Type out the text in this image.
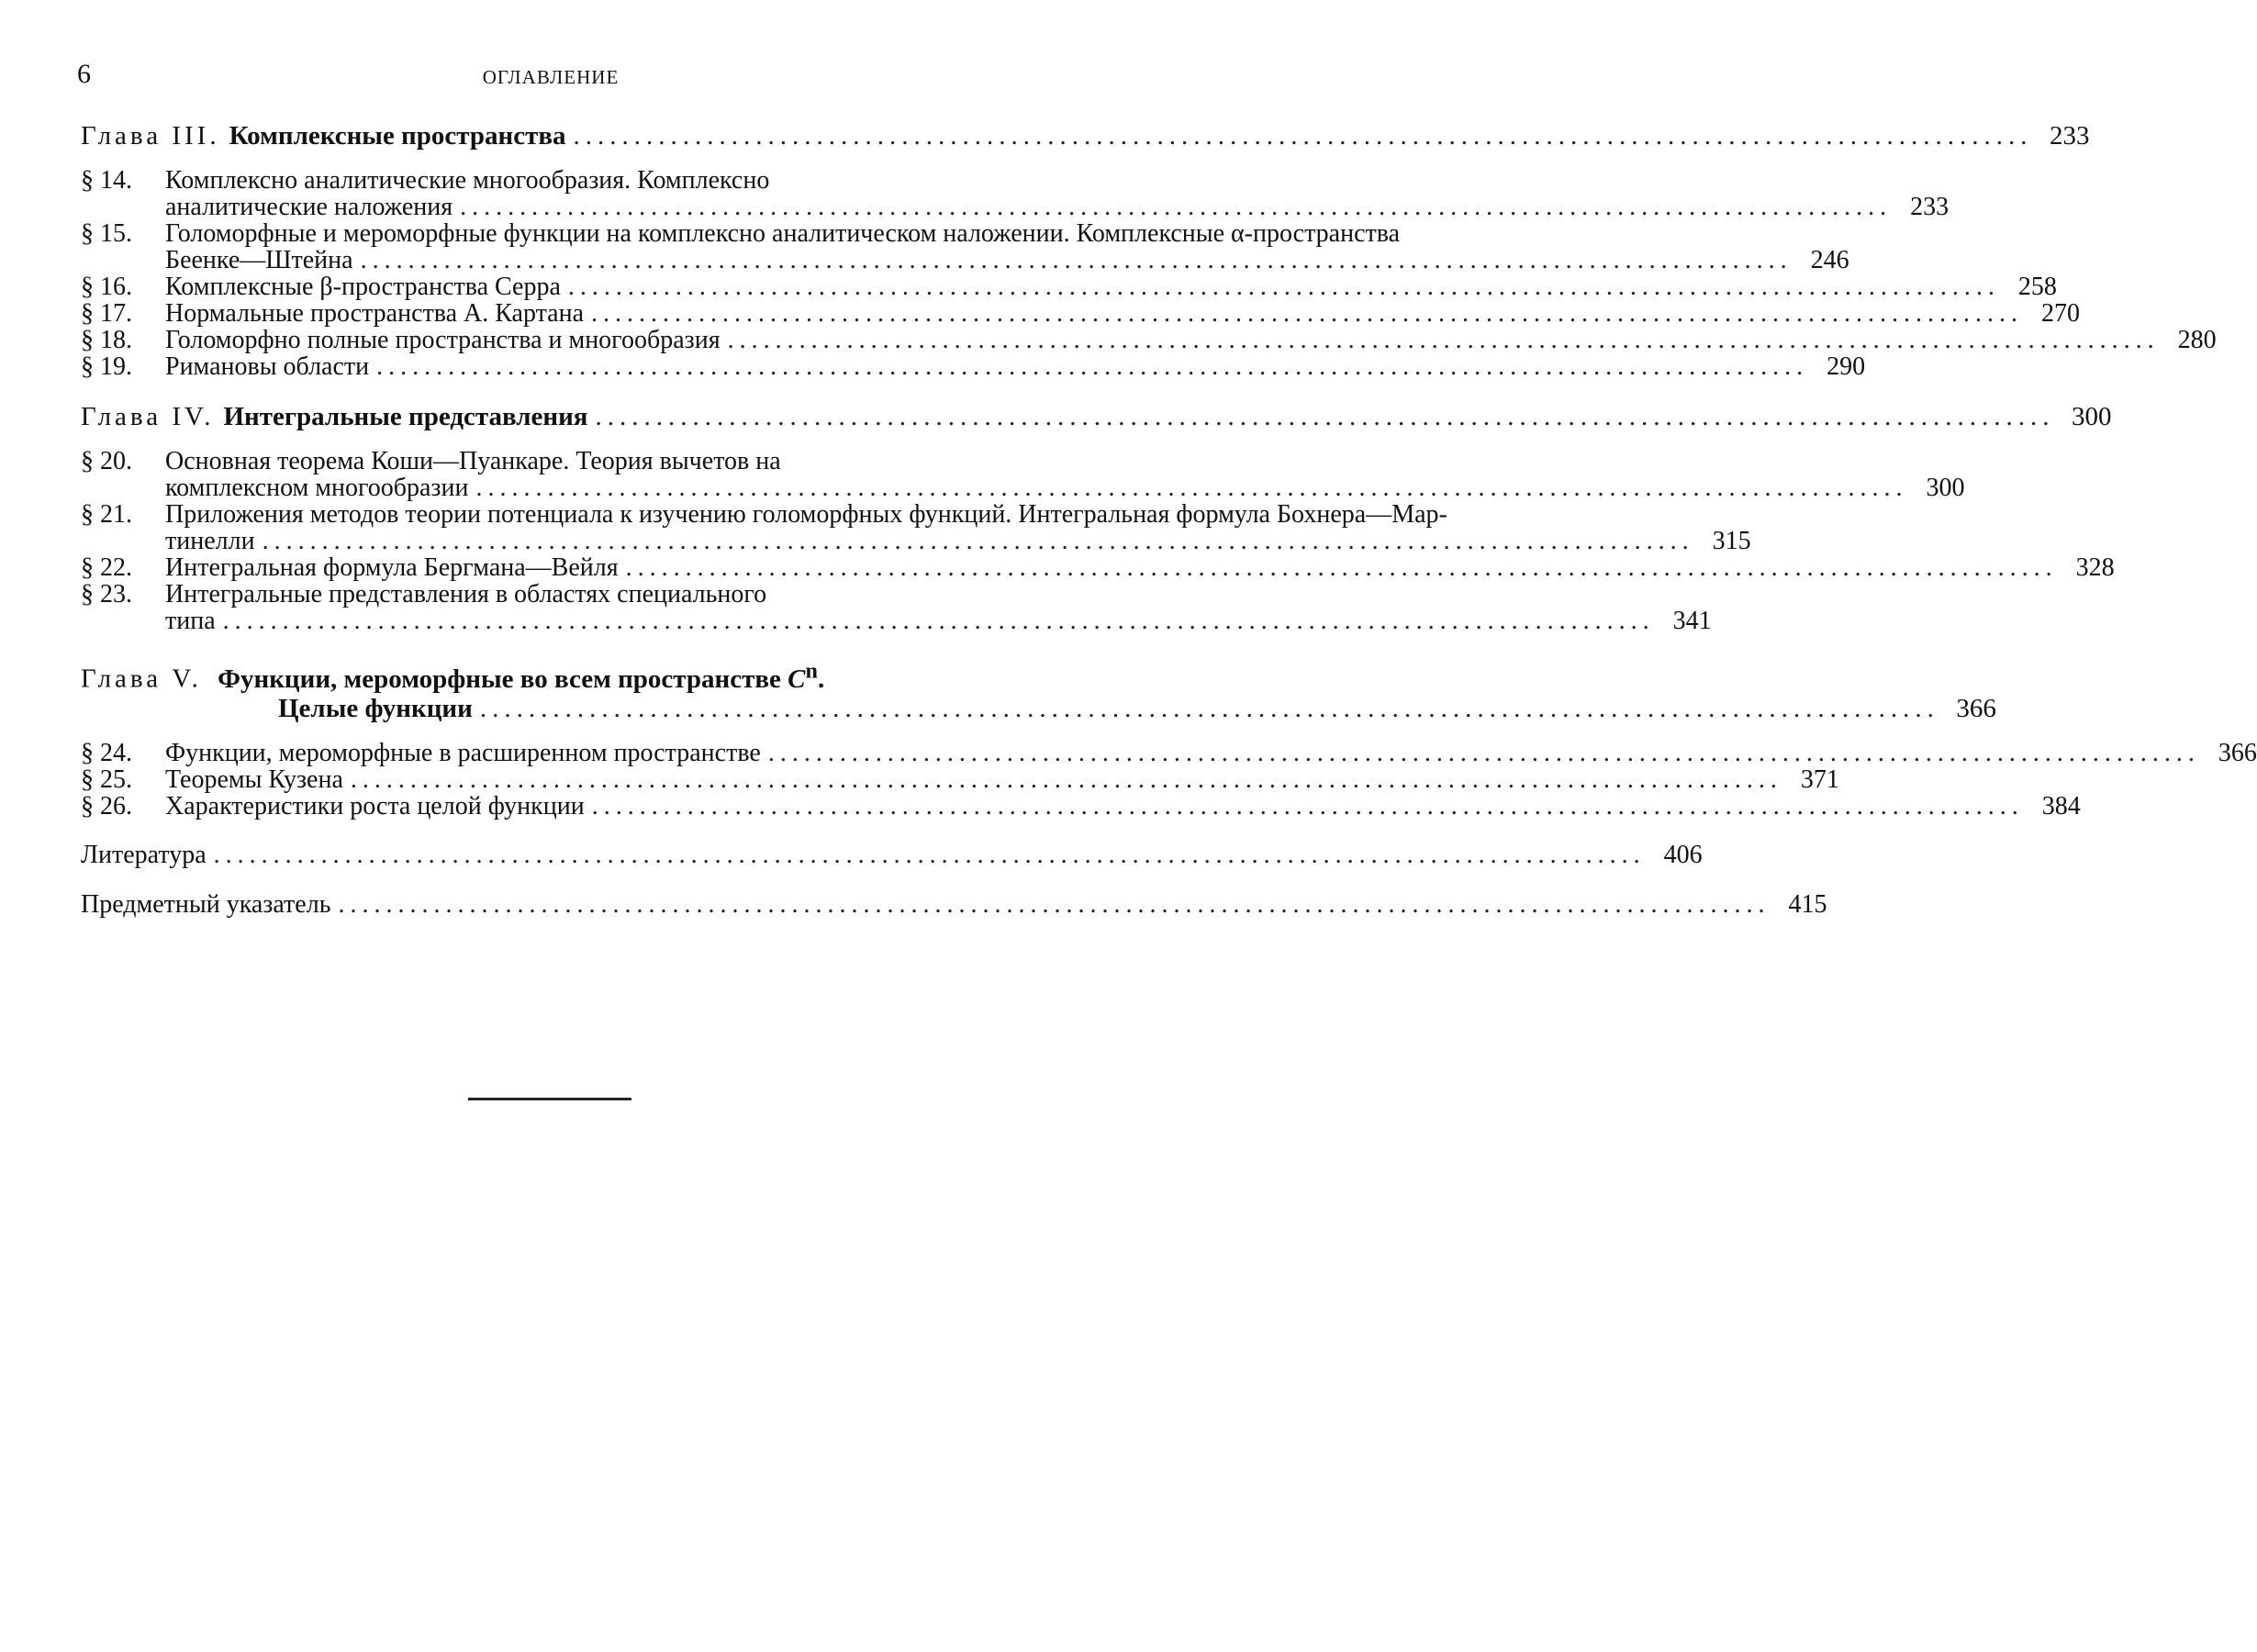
6	ОГЛАВЛЕНИЕ
Глава III. Комплексные пространства ........................................................................................................................ 233
§ 14.	Комплексно аналитические многообразия. Комплексно
аналитические наложения ........................................................................................................................ 233
§ 15.	Голоморфные и мероморфные функции на комплексно аналитическом наложении. Комплексные α-пространства
Беенке—Штейна ........................................................................................................................ 246
§ 16.	Комплексные β-пространства Серра ........................................................................................................................ 258
§ 17.	Нормальные пространства А. Картана ........................................................................................................................ 270
§ 18.	Голоморфно полные пространства и многообразия ........................................................................................................................ 280
§ 19.	Римановы области ........................................................................................................................ 290
Глава IV. Интегральные представления ........................................................................................................................ 300
§ 20.	Основная теорема Коши—Пуанкаре. Теория вычетов на
комплексном многообразии ........................................................................................................................ 300
§ 21.	Приложения методов теории потенциала к изучению голоморфных функций. Интегральная формула Бохнера—Мар-
тинелли ........................................................................................................................ 315
§ 22.	Интегральная формула Бергмана—Вейля ........................................................................................................................ 328
§ 23.	Интегральные представления в областях специального
типа ........................................................................................................................ 341
Глава V. Функции, мероморфные во всем пространстве $C^n$.
Целые функции ........................................................................................................................ 366
§ 24.	Функции, мероморфные в расширенном пространстве ........................................................................................................................ 366
§ 25.	Теоремы Кузена ........................................................................................................................ 371
§ 26.	Характеристики роста целой функции ........................................................................................................................ 384
Литература ........................................................................................................................ 406
Предметный указатель ........................................................................................................................ 415
